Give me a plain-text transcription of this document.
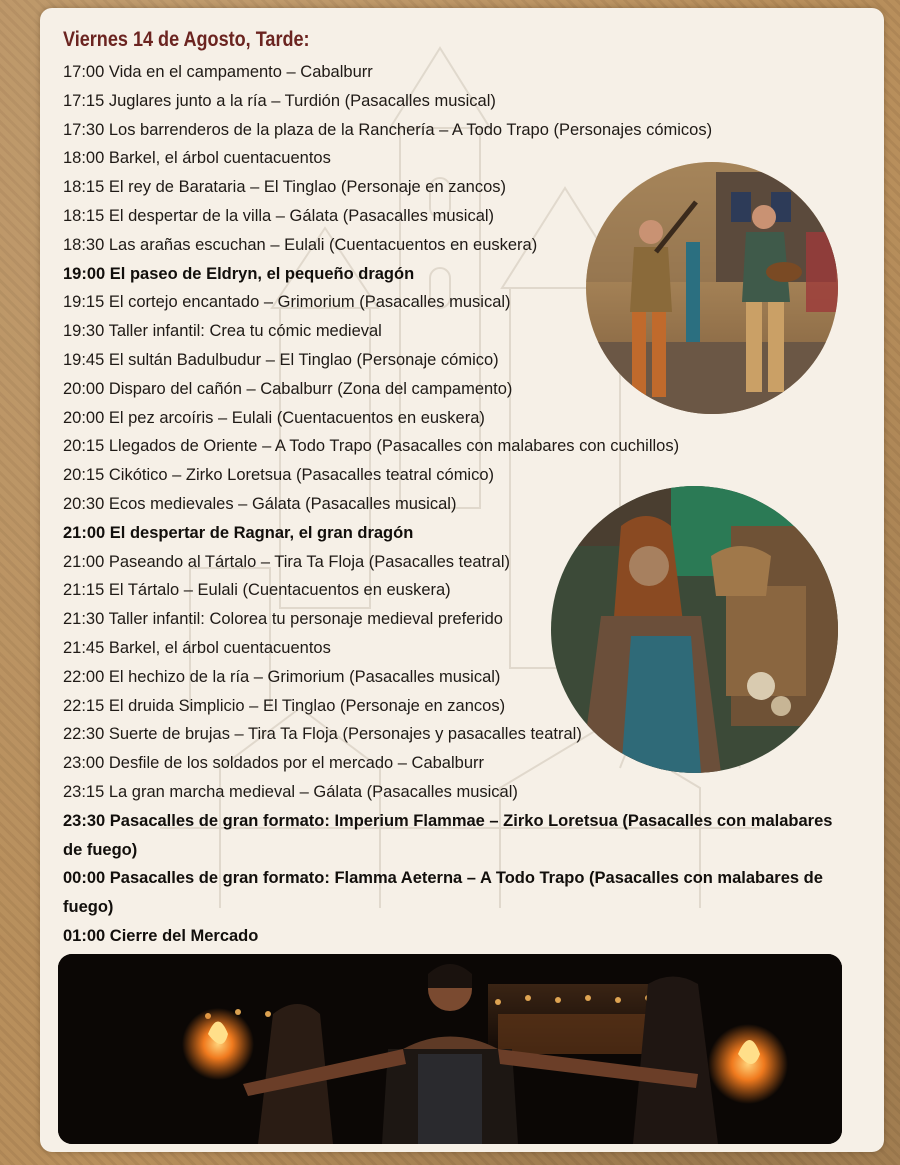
Viernes 14 de Agosto, Tarde:
17:00 Vida en el campamento – Cabalburr
17:15 Juglares junto a la ría – Turdión (Pasacalles musical)
17:30 Los barrenderos de la plaza de la Ranchería – A Todo Trapo (Personajes cómicos)
18:00 Barkel, el árbol cuentacuentos
18:15 El rey de Barataria – El Tinglao (Personaje en zancos)
18:15 El despertar de la villa – Gálata (Pasacalles musical)
18:30 Las arañas escuchan – Eulali (Cuentacuentos en euskera)
19:00 El paseo de Eldryn, el pequeño dragón
19:15 El cortejo encantado – Grimorium (Pasacalles musical)
19:30 Taller infantil: Crea tu cómic medieval
19:45 El sultán Badulbudur – El Tinglao (Personaje cómico)
20:00 Disparo del cañón – Cabalburr (Zona del campamento)
20:00 El pez arcoíris – Eulali (Cuentacuentos en euskera)
20:15 Llegados de Oriente – A Todo Trapo (Pasacalles con malabares con cuchillos)
20:15 Cikótico – Zirko Loretsua (Pasacalles teatral cómico)
20:30 Ecos medievales – Gálata (Pasacalles musical)
21:00 El despertar de Ragnar, el gran dragón
21:00 Paseando al Tártalo – Tira Ta Floja (Pasacalles teatral)
21:15 El Tártalo – Eulali (Cuentacuentos en euskera)
21:30 Taller infantil: Colorea tu personaje medieval preferido
21:45 Barkel, el árbol cuentacuentos
22:00 El hechizo de la ría – Grimorium (Pasacalles musical)
22:15 El druida Simplicio – El Tinglao (Personaje en zancos)
22:30 Suerte de brujas – Tira Ta Floja (Personajes y pasacalles teatral)
23:00 Desfile de los soldados por el mercado – Cabalburr
23:15 La gran marcha medieval – Gálata (Pasacalles musical)
23:30 Pasacalles de gran formato: Imperium Flammae – Zirko Loretsua (Pasacalles con malabares de fuego)
00:00 Pasacalles de gran formato: Flamma Aeterna – A Todo Trapo (Pasacalles con malabares de fuego)
01:00 Cierre del Mercado
